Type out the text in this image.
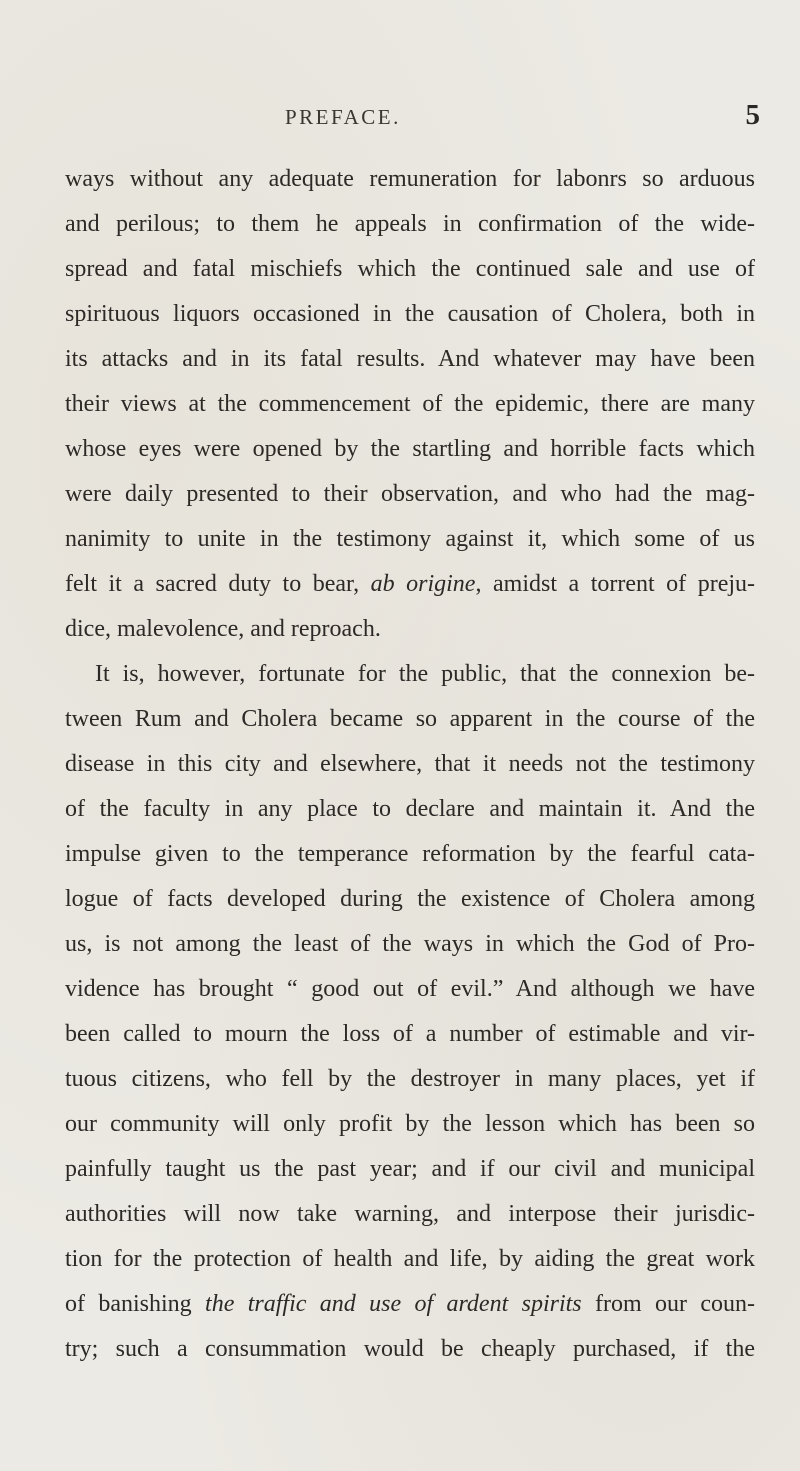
PREFACE.	5
ways without any adequate remuneration for labonrs so arduous
and perilous; to them he appeals in confirmation of the wide-
spread and fatal mischiefs which the continued sale and use of
spirituous liquors occasioned in the causation of Cholera, both in
its attacks and in its fatal results. And whatever may have been
their views at the commencement of the epidemic, there are many
whose eyes were opened by the startling and horrible facts which
were daily presented to their observation, and who had the mag-
nanimity to unite in the testimony against it, which some of us
felt it a sacred duty to bear, ab origine, amidst a torrent of preju-
dice, malevolence, and reproach.
It is, however, fortunate for the public, that the connexion be-
tween Rum and Cholera became so apparent in the course of the
disease in this city and elsewhere, that it needs not the testimony
of the faculty in any place to declare and maintain it. And the
impulse given to the temperance reformation by the fearful cata-
logue of facts developed during the existence of Cholera among
us, is not among the least of the ways in which the God of Pro-
vidence has brought “ good out of evil.” And although we have
been called to mourn the loss of a number of estimable and vir-
tuous citizens, who fell by the destroyer in many places, yet if
our community will only profit by the lesson which has been so
painfully taught us the past year; and if our civil and municipal
authorities will now take warning, and interpose their jurisdic-
tion for the protection of health and life, by aiding the great work
of banishing the traffic and use of ardent spirits from our coun-
try; such a consummation would be cheaply purchased, if the
